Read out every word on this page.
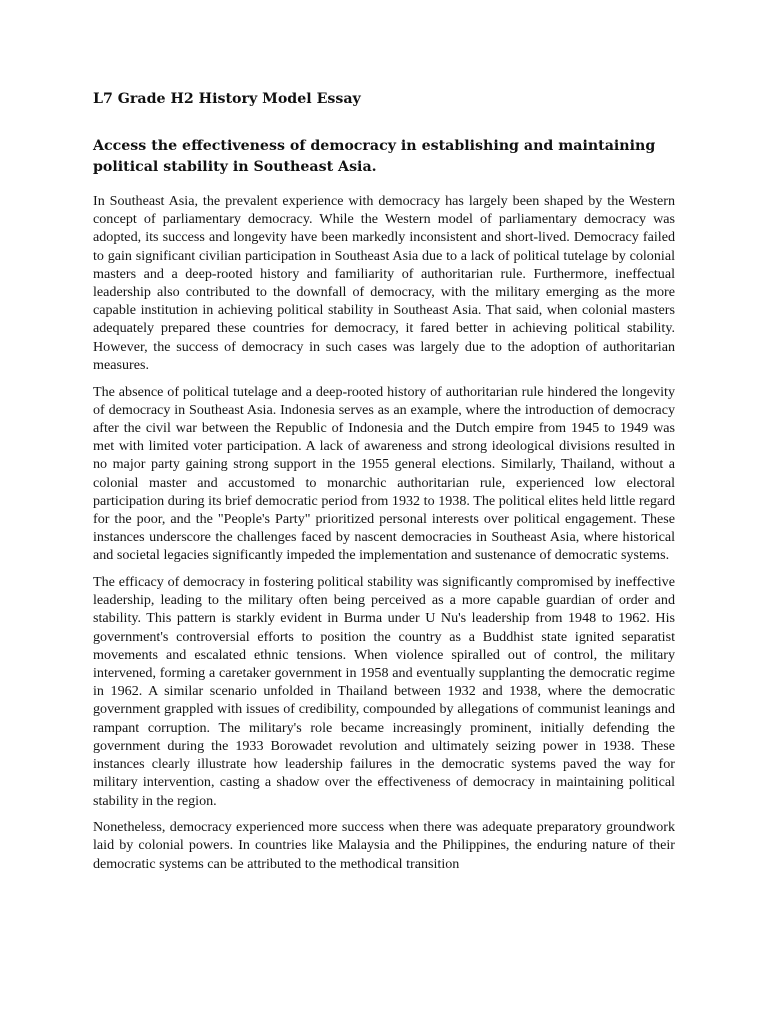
L7 Grade H2 History Model Essay
Access the effectiveness of democracy in establishing and maintaining political stability in Southeast Asia.

In Southeast Asia, the prevalent experience with democracy has largely been shaped by the Western concept of parliamentary democracy. While the Western model of parliamentary democracy was adopted, its success and longevity have been markedly inconsistent and short-lived. Democracy failed to gain significant civilian participation in Southeast Asia due to a lack of political tutelage by colonial masters and a deep-rooted history and familiarity of authoritarian rule. Furthermore, ineffectual leadership also contributed to the downfall of democracy, with the military emerging as the more capable institution in achieving political stability in Southeast Asia. That said, when colonial masters adequately prepared these countries for democracy, it fared better in achieving political stability. However, the success of democracy in such cases was largely due to the adoption of authoritarian measures.

The absence of political tutelage and a deep-rooted history of authoritarian rule hindered the longevity of democracy in Southeast Asia. Indonesia serves as an example, where the introduction of democracy after the civil war between the Republic of Indonesia and the Dutch empire from 1945 to 1949 was met with limited voter participation. A lack of awareness and strong ideological divisions resulted in no major party gaining strong support in the 1955 general elections. Similarly, Thailand, without a colonial master and accustomed to monarchic authoritarian rule, experienced low electoral participation during its brief democratic period from 1932 to 1938. The political elites held little regard for the poor, and the "People's Party" prioritized personal interests over political engagement. These instances underscore the challenges faced by nascent democracies in Southeast Asia, where historical and societal legacies significantly impeded the implementation and sustenance of democratic systems.

The efficacy of democracy in fostering political stability was significantly compromised by ineffective leadership, leading to the military often being perceived as a more capable guardian of order and stability. This pattern is starkly evident in Burma under U Nu's leadership from 1948 to 1962. His government's controversial efforts to position the country as a Buddhist state ignited separatist movements and escalated ethnic tensions. When violence spiralled out of control, the military intervened, forming a caretaker government in 1958 and eventually supplanting the democratic regime in 1962. A similar scenario unfolded in Thailand between 1932 and 1938, where the democratic government grappled with issues of credibility, compounded by allegations of communist leanings and rampant corruption. The military's role became increasingly prominent, initially defending the government during the 1933 Borowadet revolution and ultimately seizing power in 1938. These instances clearly illustrate how leadership failures in the democratic systems paved the way for military intervention, casting a shadow over the effectiveness of democracy in maintaining political stability in the region.

Nonetheless, democracy experienced more success when there was adequate preparatory groundwork laid by colonial powers. In countries like Malaysia and the Philippines, the enduring nature of their democratic systems can be attributed to the methodical transition
